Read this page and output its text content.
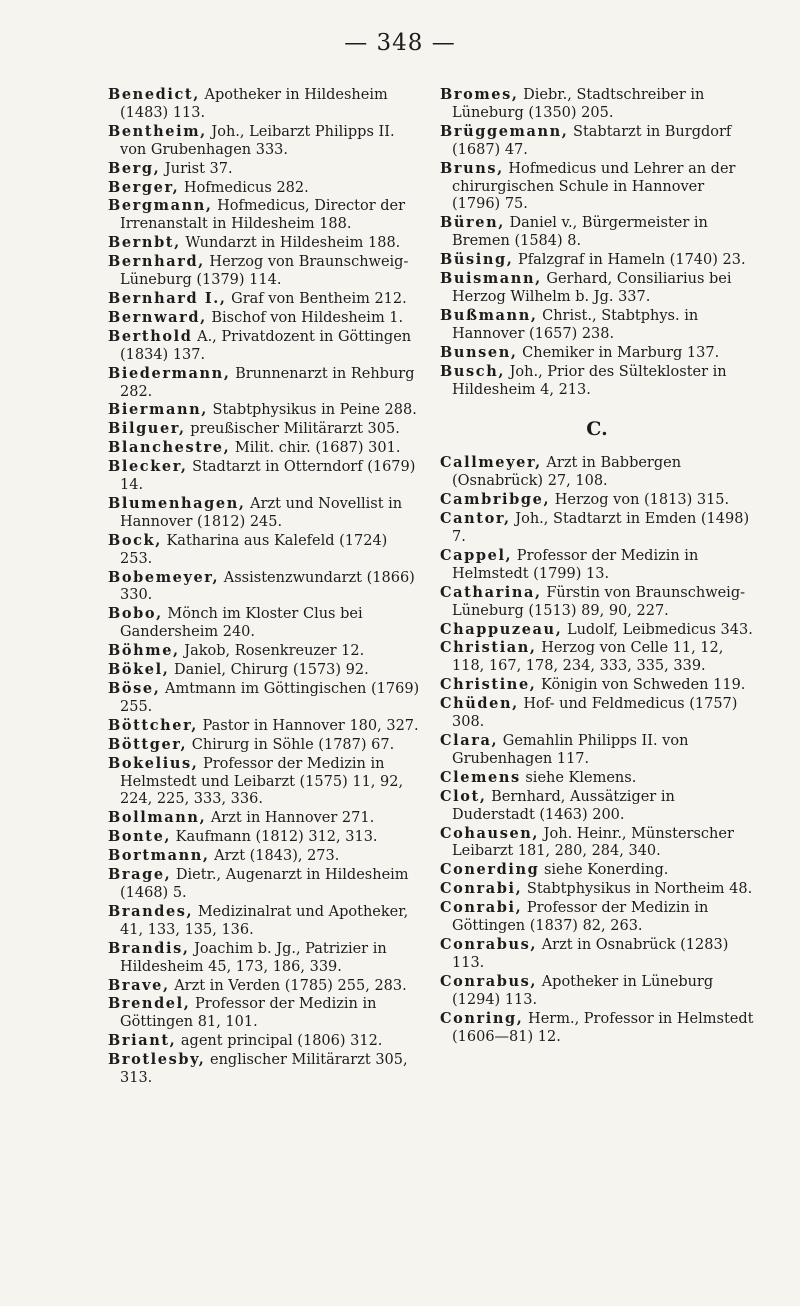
— 348 —

Benedict, Apotheker in Hildesheim (1483) 113.

Bentheim, Joh., Leibarzt Philipps II. von Grubenhagen 333.

Berg, Jurist 37.

Berger, Hofmedicus 282.

Bergmann, Hofmedicus, Director der Irrenanstalt in Hildesheim 188.

Bernbt, Wundarzt in Hildesheim 188.

Bernhard, Herzog von Braunschweig-Lüneburg (1379) 114.

Bernhard I., Graf von Bentheim 212.

Bernward, Bischof von Hildesheim 1.

Berthold A., Privatdozent in Göttingen (1834) 137.

Biedermann, Brunnenarzt in Rehburg 282.

Biermann, Stabtphysikus in Peine 288.

Bilguer, preußischer Militärarzt 305.

Blanchestre, Milit. chir. (1687) 301.

Blecker, Stadtarzt in Otterndorf (1679) 14.

Blumenhagen, Arzt und Novellist in Hannover (1812) 245.

Bock, Katharina aus Kalefeld (1724) 253.

Bobemeyer, Assistenzwundarzt (1866) 330.

Bobo, Mönch im Kloster Clus bei Gandersheim 240.

Böhme, Jakob, Rosenkreuzer 12.

Bökel, Daniel, Chirurg (1573) 92.

Böse, Amtmann im Göttingischen (1769) 255.

Böttcher, Pastor in Hannover 180, 327.

Böttger, Chirurg in Söhle (1787) 67.

Bokelius, Professor der Medizin in Helmstedt und Leibarzt (1575) 11, 92, 224, 225, 333, 336.

Bollmann, Arzt in Hannover 271.

Bonte, Kaufmann (1812) 312, 313.

Bortmann, Arzt (1843), 273.

Brage, Dietr., Augenarzt in Hildesheim (1468) 5.

Brandes, Medizinalrat und Apotheker, 41, 133, 135, 136.

Brandis, Joachim b. Jg., Patrizier in Hildesheim 45, 173, 186, 339.

Brave, Arzt in Verden (1785) 255, 283.

Brendel, Professor der Medizin in Göttingen 81, 101.

Briant, agent principal (1806) 312.

Brotlesby, englischer Militärarzt 305, 313.

Bromes, Diebr., Stadtschreiber in Lüneburg (1350) 205.

Brüggemann, Stabtarzt in Burgdorf (1687) 47.

Bruns, Hofmedicus und Lehrer an der chirurgischen Schule in Hannover (1796) 75.

Büren, Daniel v., Bürgermeister in Bremen (1584) 8.

Büsing, Pfalzgraf in Hameln (1740) 23.

Buismann, Gerhard, Consiliarius bei Herzog Wilhelm b. Jg. 337.

Bußmann, Christ., Stabtphys. in Hannover (1657) 238.

Bunsen, Chemiker in Marburg 137.

Busch, Joh., Prior des Sültekloster in Hildesheim 4, 213.

C.

Callmeyer, Arzt in Babbergen (Osnabrück) 27, 108.

Cambribge, Herzog von (1813) 315.

Cantor, Joh., Stadtarzt in Emden (1498) 7.

Cappel, Professor der Medizin in Helmstedt (1799) 13.

Catharina, Fürstin von Braunschweig-Lüneburg (1513) 89, 90, 227.

Chappuzeau, Ludolf, Leibmedicus 343.

Christian, Herzog von Celle 11, 12, 118, 167, 178, 234, 333, 335, 339.

Christine, Königin von Schweden 119.

Chüden, Hof- und Feldmedicus (1757) 308.

Clara, Gemahlin Philipps II. von Grubenhagen 117.

Clemens siehe Klemens.

Clot, Bernhard, Aussätziger in Duderstadt (1463) 200.

Cohausen, Joh. Heinr., Münsterscher Leibarzt 181, 280, 284, 340.

Conerding siehe Konerding.

Conrabi, Stabtphysikus in Northeim 48.

Conrabi, Professor der Medizin in Göttingen (1837) 82, 263.

Conrabus, Arzt in Osnabrück (1283) 113.

Conrabus, Apotheker in Lüneburg (1294) 113.

Conring, Herm., Professor in Helmstedt (1606—81) 12.
